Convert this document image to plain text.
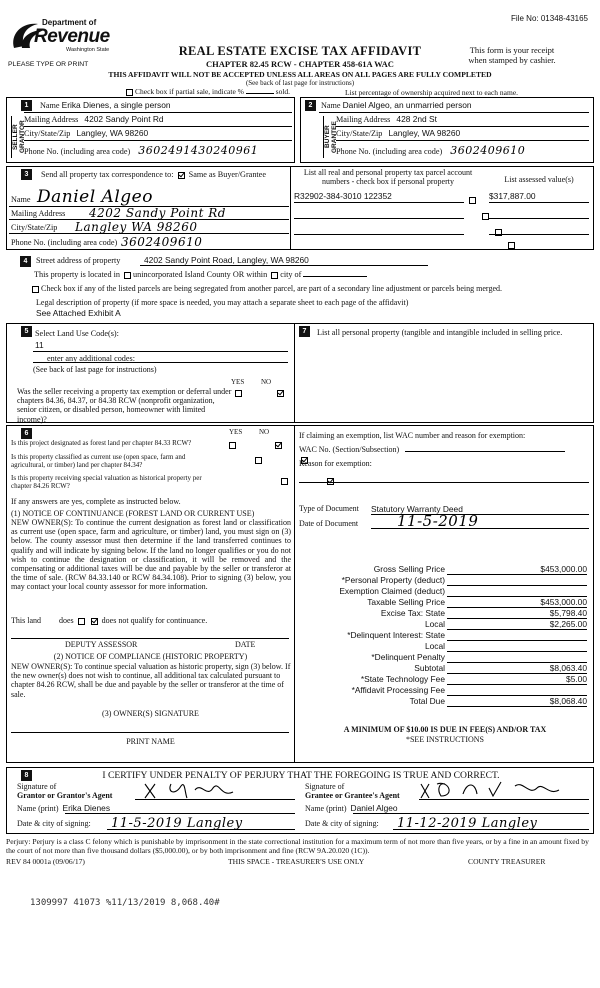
File No: 01348-43165
Department of
Revenue
Washington State
PLEASE TYPE OR PRINT
REAL ESTATE EXCISE TAX AFFIDAVIT
CHAPTER 82.45 RCW - CHAPTER 458-61A WAC
This form is your receipt
when stamped by cashier.
THIS AFFIDAVIT WILL NOT BE ACCEPTED UNLESS ALL AREAS ON ALL PAGES ARE FULLY COMPLETED
(See back of last page for instructions)
Check box if partial sale, indicate %	sold.	List percentage of ownership acquired next to each name.
1
SELLER GRANTOR
Name Erika Dienes, a single person
Mailing Address 4202 Sandy Point Rd
City/State/Zip Langley, WA 98260
Phone No. (including area code) 3602491430240961
2
BUYER GRANTEE
Name Daniel Algeo, an unmarried person
Mailing Address 428 2nd St
City/State/Zip Langley, WA 98260
Phone No. (including area code) 3602409610
3	Send all property tax correspondence to: Same as Buyer/Grantee
Name Daniel Algeo
Mailing Address 4202 Sandy Point Rd
City/State/Zip Langley WA 98260
Phone No. (including area code) 3602409610
List all real and personal property tax parcel account
numbers - check box if personal property	List assessed value(s)
R32902-384-3010 122352
	$317,887.00

4	Street address of property	4202 Sandy Point Road, Langley, WA 98260
This property is located in unincorporated Island County OR within city of
Check box if any of the listed parcels are being segregated from another parcel, are part of a secondary line adjustment or parcels being merged.
Legal description of property (if more space is needed, you may attach a separate sheet to each page of the affidavit)
See Attached Exhibit A
5 Select Land Use Code(s):
11
enter any additional codes:
(See back of last page for instructions)
YES NO
Was the seller receiving a property tax exemption or deferral under chapters 84.36, 84.37, or 84.38 RCW (nonprofit organization, senior citizen, or disabled person, homeowner with limited income)?

7	List all personal property (tangible and intangible included in selling price.
6	YES NO
Is this project designated as forest land per chapter 84.33 RCW?

Is this property classified as current use (open space, farm and agricultural, or timber) land per chapter 84.34?

Is this property receiving special valuation as historical property per chapter 84.26 RCW?

If any answers are yes, complete as instructed below.
(1) NOTICE OF CONTINUANCE (FOREST LAND OR CURRENT USE)
NEW OWNER(S): To continue the current designation as forest land or classification as current use (open space, farm and agriculture, or timber) land, you must sign on (3) below. The county assessor must then determine if the land transferred continues to qualify and will indicate by signing below. If the land no longer qualifies or you do not wish to continue the designation or classification, it will be removed and the compensating or additional taxes will be due and payable by the seller or transferor at the time of sale. (RCW 84.33.140 or RCW 84.34.108). Prior to signing (3) below, you may contact your local county assessor for more information.
This land does	does not qualify for continuance.
DEPUTY ASSESSOR	DATE
(2) NOTICE OF COMPLIANCE (HISTORIC PROPERTY)
NEW OWNER(S): To continue special valuation as historic property, sign (3) below. If the new owner(s) does not wish to continue, all additional tax calculated pursuant to chapter 84.26 RCW, shall be due and payable by the seller or transferor at the time of sale.
(3) OWNER(S) SIGNATURE
PRINT NAME
If claiming an exemption, list WAC number and reason for exemption:
WAC No. (Section/Subsection)
Reason for exemption:
Type of Document Statutory Warranty Deed
Date of Document	11-5-2019
Gross Selling Price	$453,000.00
*Personal Property (deduct)
Exemption Claimed (deduct)
Taxable Selling Price	$453,000.00
Excise Tax: State	$5,798.40
Local	$2,265.00
*Delinquent Interest: State
Local
*Delinquent Penalty
Subtotal	$8,063.40
*State Technology Fee	$5.00
*Affidavit Processing Fee
Total Due	$8,068.40
A MINIMUM OF $10.00 IS DUE IN FEE(S) AND/OR TAX
*SEE INSTRUCTIONS
8	I CERTIFY UNDER PENALTY OF PERJURY THAT THE FOREGOING IS TRUE AND CORRECT.
Signature of
Grantor or Grantor's Agent
Name (print) Erika Dienes
Date & city of signing: 11-5-2019 Langley
Signature of
Grantee or Grantee's Agent
Name (print) Daniel Algeo
Date & city of signing: 11-12-2019 Langley
Perjury: Perjury is a class C felony which is punishable by imprisonment in the state correctional institution for a maximum term of not more than five years, or by a fine in an amount fixed by the court of not more than five thousand dollars ($5,000.00), or by both imprisonment and fine (RCW 9A.20.020 (1C)).
REV 84 0001a (09/06/17)	THIS SPACE - TREASURER'S USE ONLY	COUNTY TREASURER
1309997 41073 %11/13/2019 8,068.40#
